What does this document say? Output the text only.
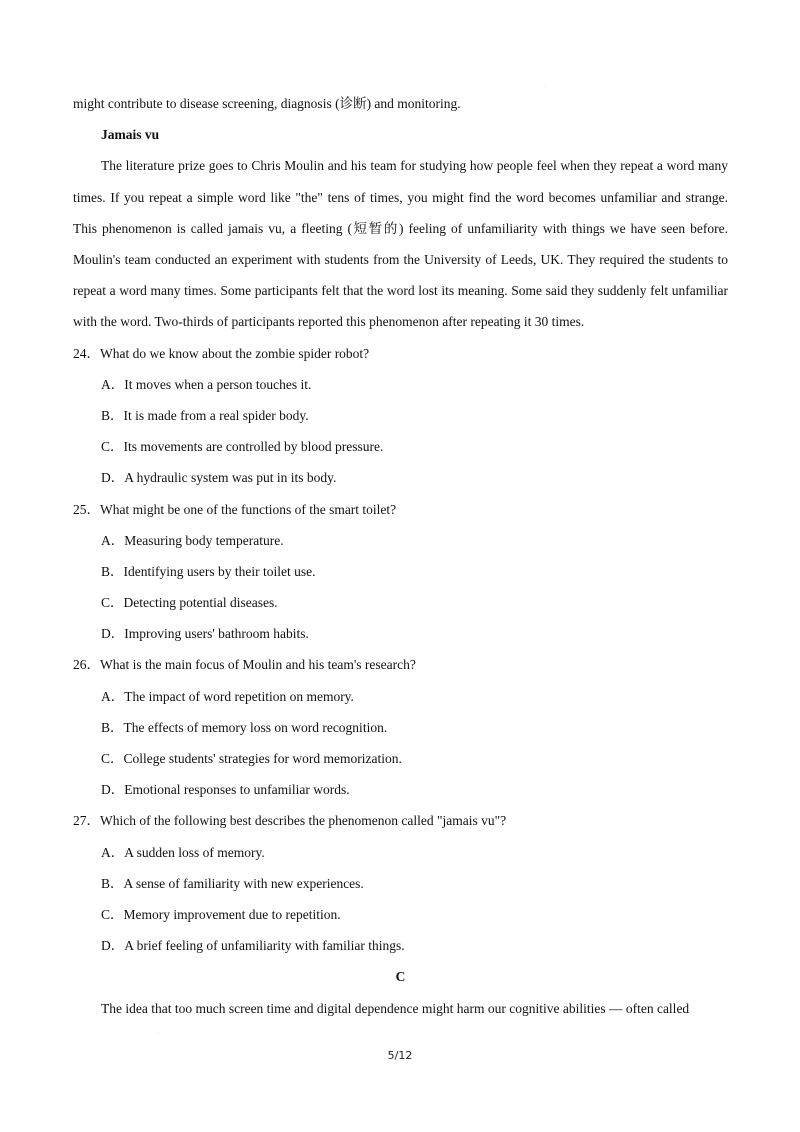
.

might contribute to disease screening, diagnosis (诊断) and monitoring.

Jamais vu

The literature prize goes to Chris Moulin and his team for studying how people feel when they repeat a word many times. If you repeat a simple word like "the" tens of times, you might find the word becomes unfamiliar and strange. This phenomenon is called jamais vu, a fleeting (短暂的) feeling of unfamiliarity with things we have seen before. Moulin's team conducted an experiment with students from the University of Leeds, UK. They required the students to repeat a word many times. Some participants felt that the word lost its meaning. Some said they suddenly felt unfamiliar with the word. Two-thirds of participants reported this phenomenon after repeating it 30 times.

24．What do we know about the zombie spider robot?

A．It moves when a person touches it.

B．It is made from a real spider body.

C．Its movements are controlled by blood pressure.

D．A hydraulic system was put in its body.

25．What might be one of the functions of the smart toilet?

A．Measuring body temperature.

B．Identifying users by their toilet use.

C．Detecting potential diseases.

D．Improving users' bathroom habits.

26．What is the main focus of Moulin and his team's research?

A．The impact of word repetition on memory.

B．The effects of memory loss on word recognition.

C．College students' strategies for word memorization.

D．Emotional responses to unfamiliar words.

27．Which of the following best describes the phenomenon called "jamais vu"?

A．A sudden loss of memory.

B．A sense of familiarity with new experiences.

C．Memory improvement due to repetition.

D．A brief feeling of unfamiliarity with familiar things.

C

The idea that too much screen time and digital dependence might harm our cognitive abilities — often called

.
5/12
